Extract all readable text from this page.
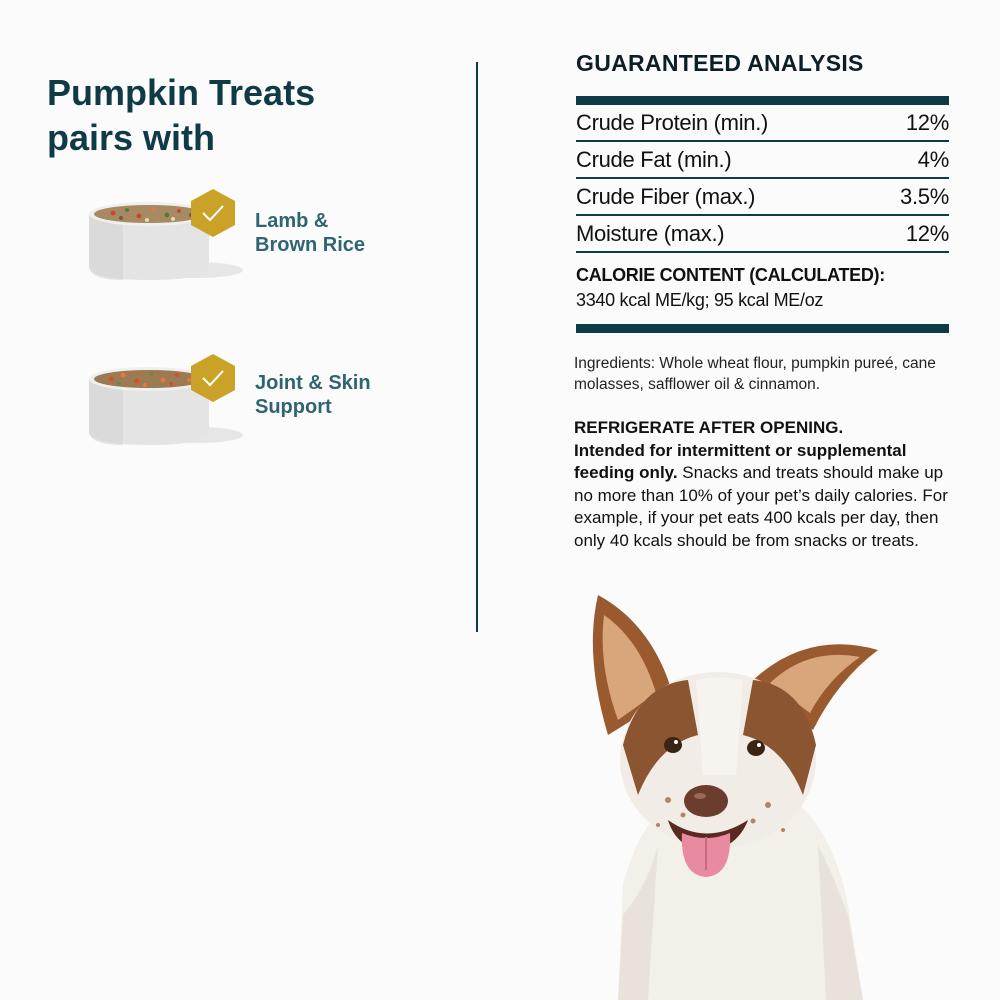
Pumpkin Treats
pairs with
Lamb &
Brown Rice
Joint & Skin
Support
GUARANTEED ANALYSIS
Crude Protein (min.)	12%
Crude Fat (min.)	4%
Crude Fiber (max.)	3.5%
Moisture (max.)	12%
CALORIE CONTENT (CALCULATED):
3340 kcal ME/kg; 95 kcal ME/oz
Ingredients: Whole wheat flour, pumpkin pureé, cane molasses, safflower oil & cinnamon.
REFRIGERATE AFTER OPENING.
Intended for intermittent or supplemental feeding only. Snacks and treats should make up no more than 10% of your pet’s daily calories. For example, if your pet eats 400 kcals per day, then only 40 kcals should be from snacks or treats.
